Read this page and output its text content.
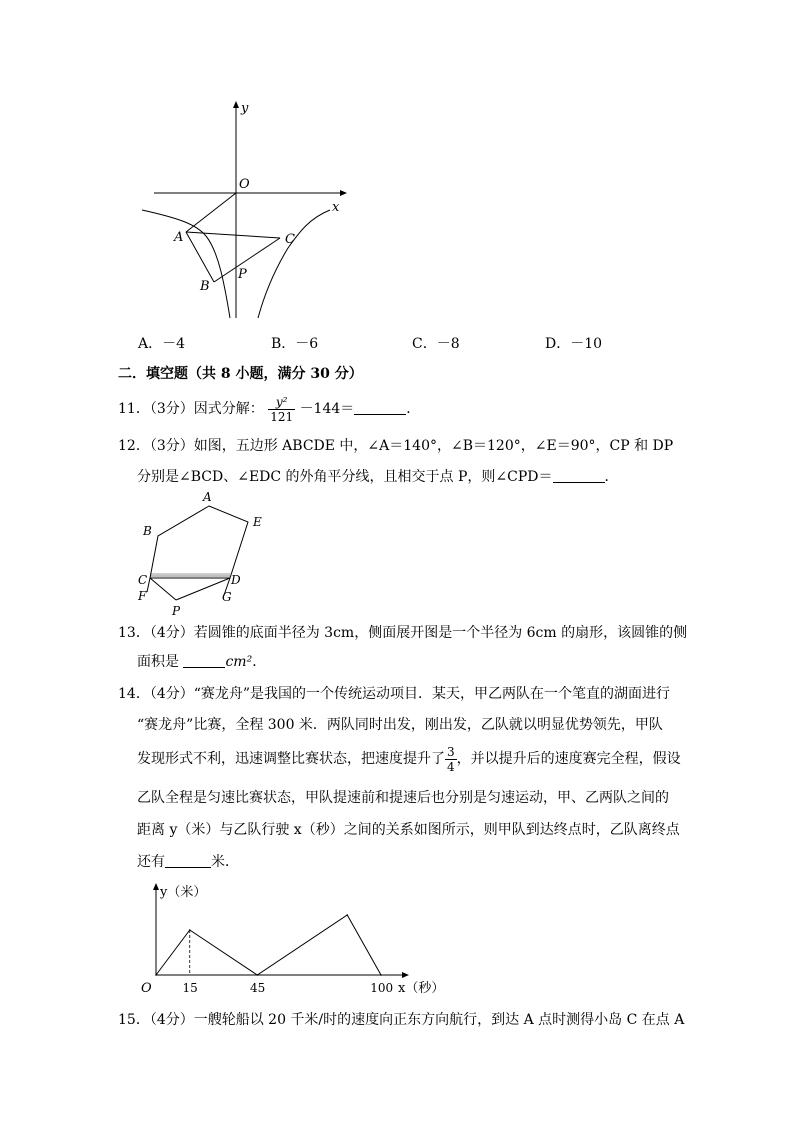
y
O
x
A	C
P
B
A．－4	B．－6	C．－8	D．－10
二．填空题（共 8 小题，满分 30 分）
11．（3分）因式分解： $\frac{\text{y²}}{121} -144=$	．
12．（3分）如图，五边形 ABCDE 中，∠A＝140°，∠B＝120°，∠E＝90°，CP 和 DP
分别是∠BCD、∠EDC 的外角平分线，且相交于点 P，则∠CPD＝	．
A
B
E
C	D
F
P
G
13．（4分）若圆锥的底面半径为 3cm，侧面展开图是一个半径为 6cm 的扇形，该圆锥的侧
面积是	cm²．
14．（4分）“赛龙舟”是我国的一个传统运动项目．某天，甲乙两队在一个笔直的湖面进行
“赛龙舟”比赛，全程 300 米．两队同时出发，刚出发，乙队就以明显优势领先，甲队
发现形式不利，迅速调整比赛状态，把速度提升了 $\frac{3}{4}$ ，并以提升后的速度赛完全程，假设
乙队全程是匀速比赛状态，甲队提速前和提速后也分别是匀速运动，甲、乙两队之间的
距离 y（米）与乙队行驶 x（秒）之间的关系如图所示，则甲队到达终点时，乙队离终点
还有	米．
y（米）
O	x（秒）
15	45	100
15．（4分）一艘轮船以 20 千米/时的速度向正东方向航行，到达 A 点时测得小岛 C 在点 A
